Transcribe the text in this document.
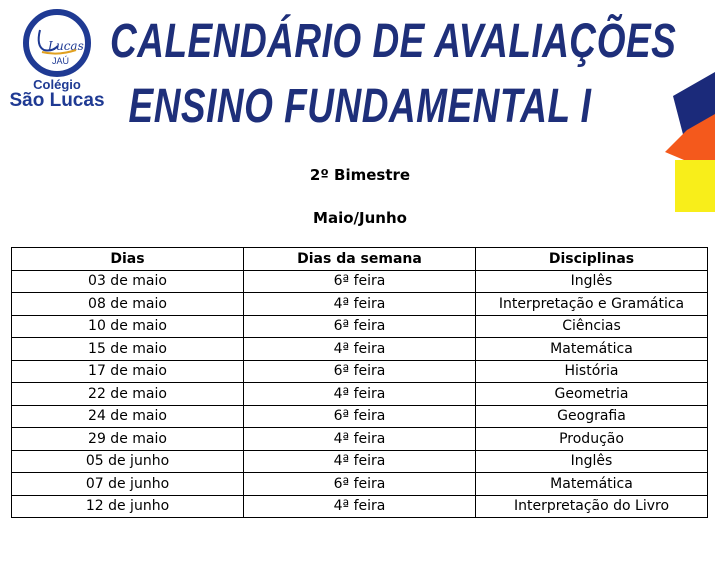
Lucas
JAÚ
Colégio
São Lucas
CALENDÁRIO DE AVALIAÇÕES
ENSINO FUNDAMENTAL I
2º Bimestre
Maio/Junho
Dias	Dias da semana	Disciplinas
03 de maio	6ª feira	Inglês
08 de maio	4ª feira	Interpretação e Gramática
10 de maio	6ª feira	Ciências
15 de maio	4ª feira	Matemática
17 de maio	6ª feira	História
22 de maio	4ª feira	Geometria
24 de maio	6ª feira	Geografia
29 de maio	4ª feira	Produção
05 de junho	4ª feira	Inglês
07 de junho	6ª feira	Matemática
12 de junho	4ª feira	Interpretação do Livro
